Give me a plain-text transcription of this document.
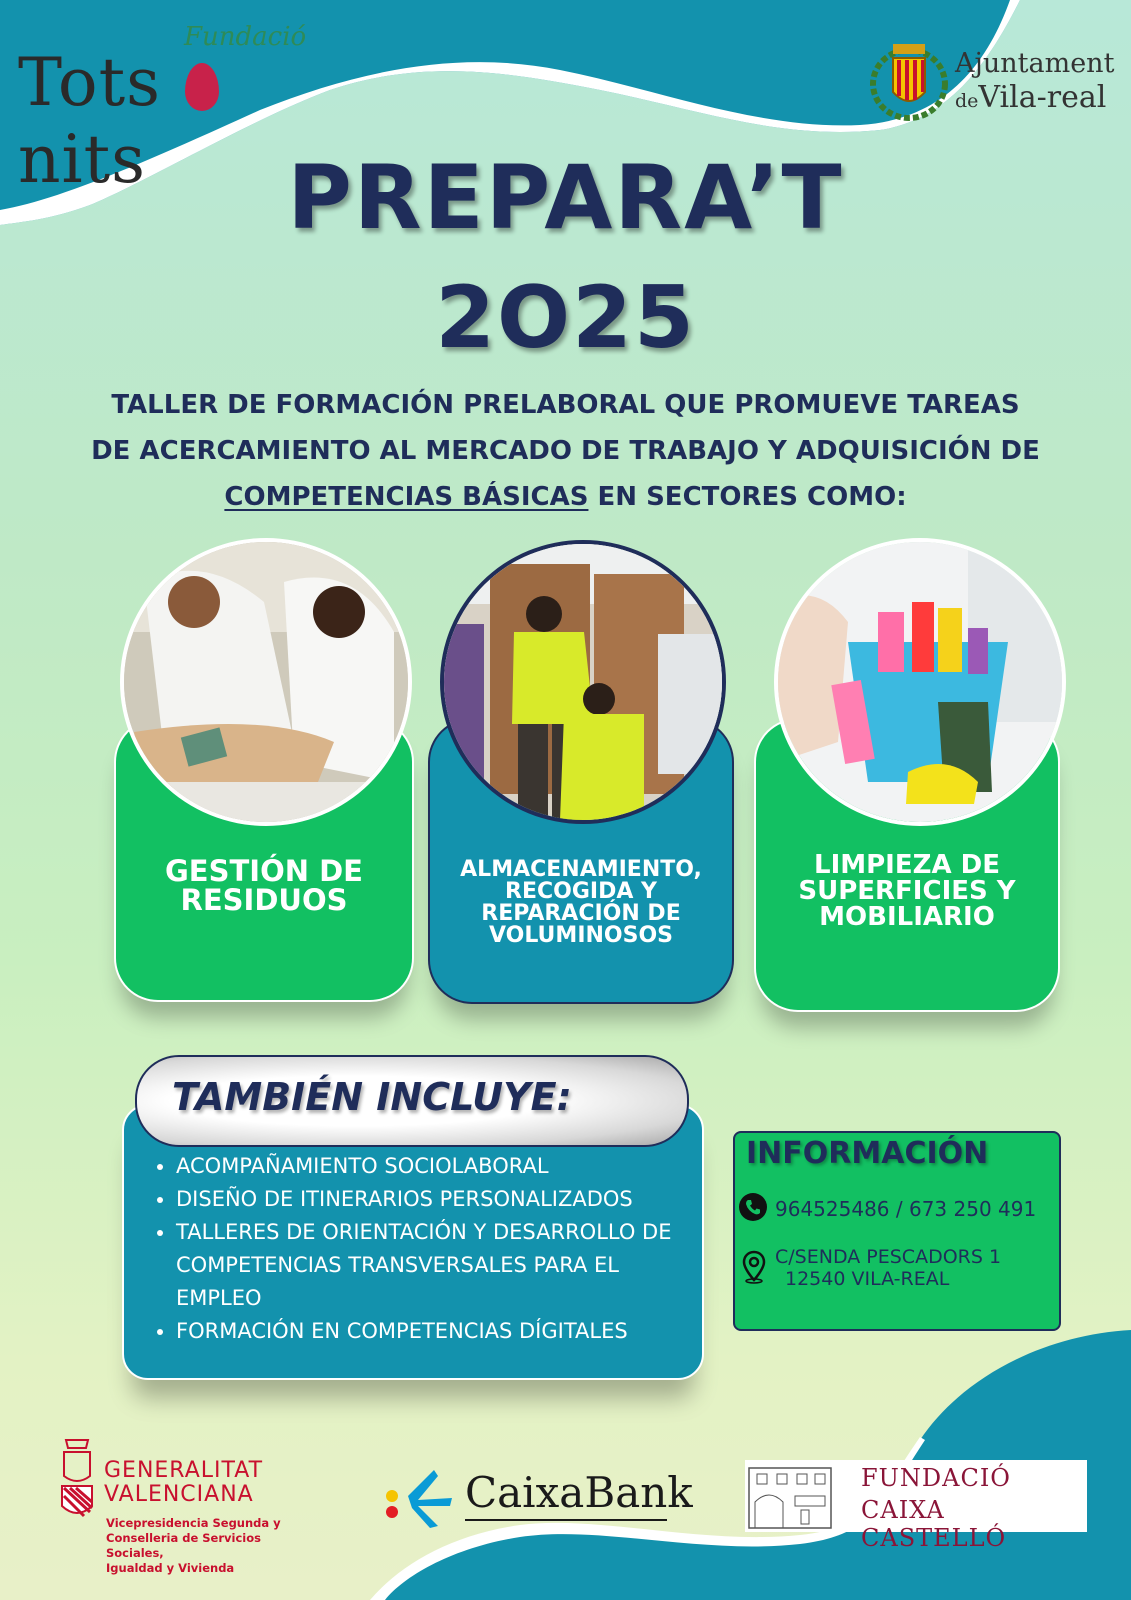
Fundació
Tots nits
Ajuntament
deVila-real
PREPARA’T
2O25
TALLER DE FORMACIÓN PRELABORAL QUE PROMUEVE TAREAS
DE ACERCAMIENTO AL MERCADO DE TRABAJO Y ADQUISICIÓN DE
COMPETENCIAS BÁSICAS EN SECTORES COMO:
GESTIÓN DE
RESIDUOS
ALMACENAMIENTO,
RECOGIDA Y
REPARACIÓN DE
VOLUMINOSOS
LIMPIEZA DE
SUPERFICIES Y
MOBILIARIO
TAMBIÉN INCLUYE:
• ACOMPAÑAMIENTO SOCIOLABORAL
• DISEÑO DE ITINERARIOS PERSONALIZADOS
• TALLERES DE ORIENTACIÓN Y DESARROLLO DE COMPETENCIAS TRANSVERSALES PARA EL EMPLEO
• FORMACIÓN EN COMPETENCIAS DÍGITALES
INFORMACIÓN
964525486 / 673 250 491
C/SENDA PESCADORS 1
12540 VILA-REAL
GENERALITAT
VALENCIANA
Vicepresidencia Segunda y
Conselleria de Servicios Sociales,
Igualdad y Vivienda
CaixaBank	FUNDACIÓ
CAIXA CASTELLÓ
